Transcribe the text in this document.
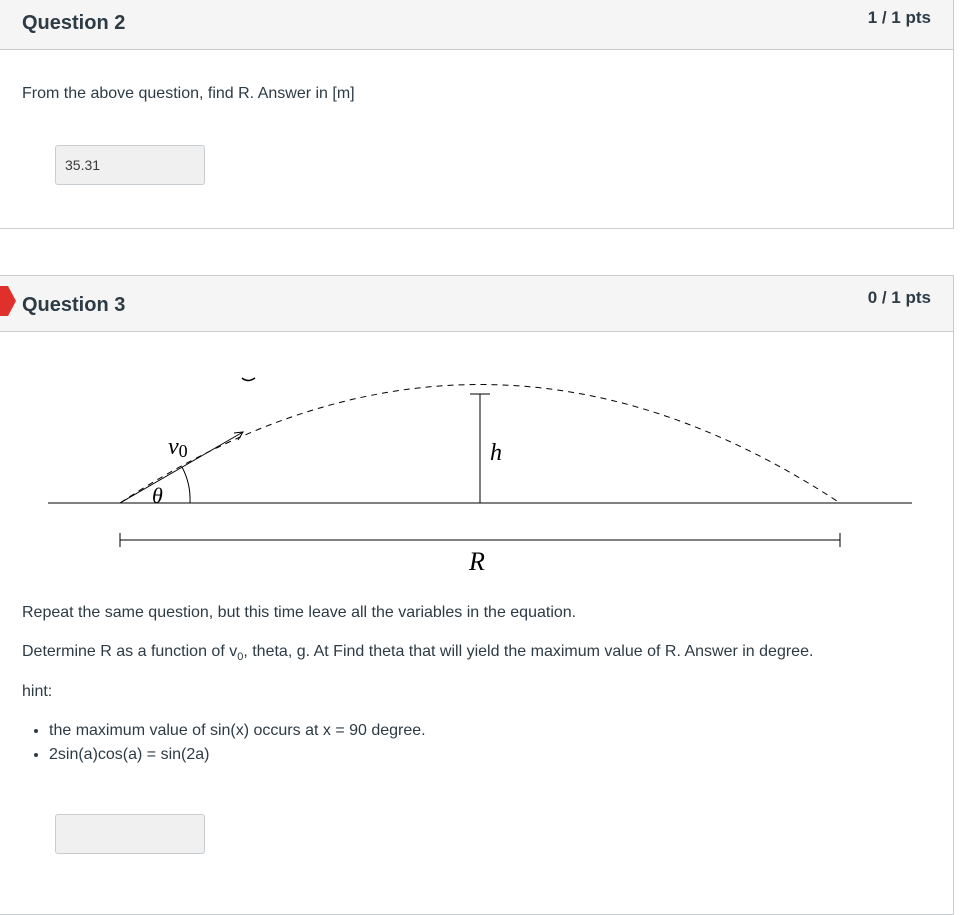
Question 2	1 / 1 pts
From the above question, find R. Answer in [m]
35.31
Question 3	0 / 1 pts
v0
θ
h
R
Repeat the same question, but this time leave all the variables in the equation.
Determine R as a function of $v_0$, theta, g. At Find theta that will yield the maximum value of R. Answer in degree.
hint:
• the maximum value of sin(x) occurs at x = 90 degree.
• 2sin(a)cos(a) = sin(2a)
